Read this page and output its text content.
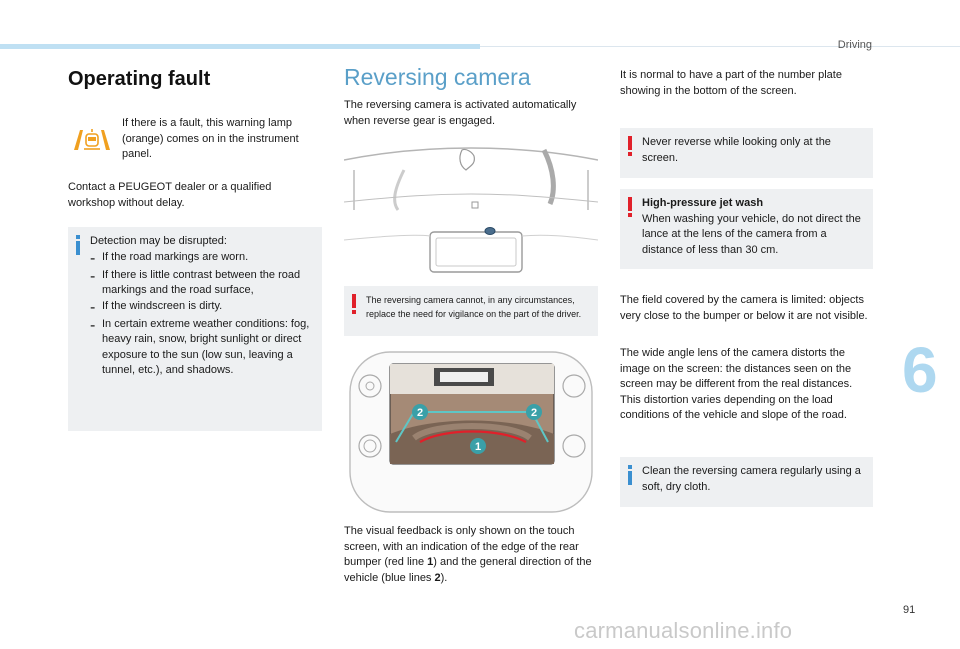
Driving
6
91
carmanualsonline.info
Operating fault

If there is a fault, this warning lamp (orange) comes on in the instrument panel.

Contact a PEUGEOT dealer or a qualified workshop without delay.

Detection may be disrupted:

- If the road markings are worn.

- If there is little contrast between the road markings and the road surface,

- If the windscreen is dirty.

- In certain extreme weather conditions: fog, heavy rain, snow, bright sunlight or direct exposure to the sun (low sun, leaving a tunnel, etc.), and shadows.

Reversing camera

The reversing camera is activated automatically when reverse gear is engaged.

The reversing camera cannot, in any circumstances, replace the need for vigilance on the part of the driver.
2	2
1

The visual feedback is only shown on the touch screen, with an indication of the edge of the rear bumper (red line 1) and the general direction of the vehicle (blue lines 2).

It is normal to have a part of the number plate showing in the bottom of the screen.

Never reverse while looking only at the screen.

High-pressure jet wash

When washing your vehicle, do not direct the lance at the lens of the camera from a distance of less than 30 cm.

The field covered by the camera is limited: objects very close to the bumper or below it are not visible.

The wide angle lens of the camera distorts the image on the screen: the distances seen on the screen may be different from the real distances. This distortion varies depending on the load conditions of the vehicle and slope of the road.

Clean the reversing camera regularly using a soft, dry cloth.
